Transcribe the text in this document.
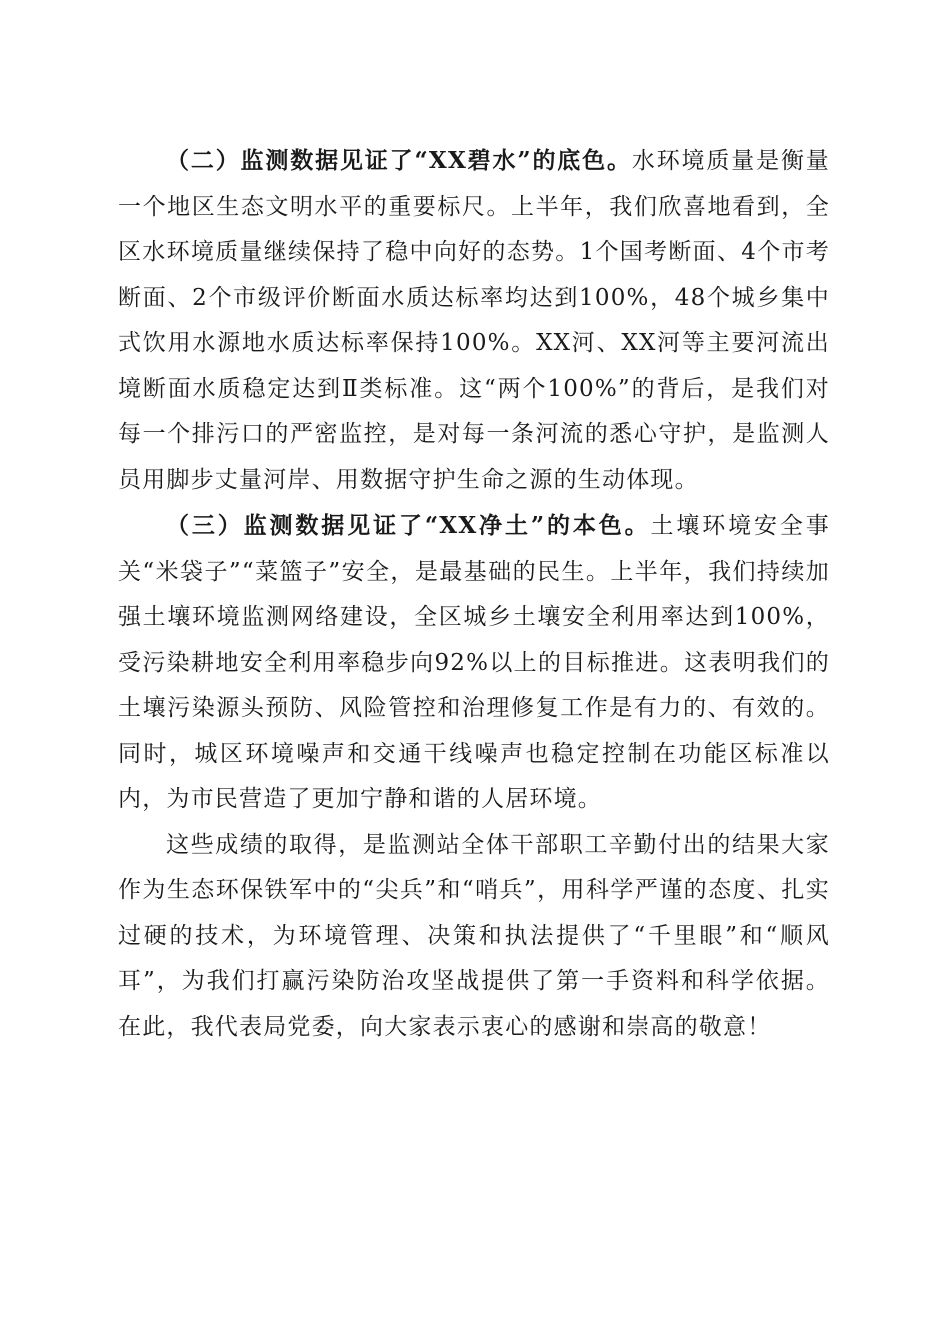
（二）监测数据见证了“XX碧水”的底色。水环境质量是衡量一个地区生态文明水平的重要标尺。上半年，我们欣喜地看到，全区水环境质量继续保持了稳中向好的态势。1个国考断面、4个市考断面、2个市级评价断面水质达标率均达到100%，48个城乡集中式饮用水源地水质达标率保持100%。XX河、XX河等主要河流出境断面水质稳定达到Ⅱ类标准。这“两个100%”的背后，是我们对每一个排污口的严密监控，是对每一条河流的悉心守护，是监测人员用脚步丈量河岸、用数据守护生命之源的生动体现。

（三）监测数据见证了“XX净土”的本色。土壤环境安全事关“米袋子”“菜篮子”安全，是最基础的民生。上半年，我们持续加强土壤环境监测网络建设，全区城乡土壤安全利用率达到100%，受污染耕地安全利用率稳步向92%以上的目标推进。这表明我们的土壤污染源头预防、风险管控和治理修复工作是有力的、有效的。同时，城区环境噪声和交通干线噪声也稳定控制在功能区标准以内，为市民营造了更加宁静和谐的人居环境。

这些成绩的取得，是监测站全体干部职工辛勤付出的结果大家作为生态环保铁军中的“尖兵”和“哨兵”，用科学严谨的态度、扎实过硬的技术，为环境管理、决策和执法提供了“千里眼”和“顺风耳”，为我们打赢污染防治攻坚战提供了第一手资料和科学依据。在此，我代表局党委，向大家表示衷心的感谢和崇高的敬意！
